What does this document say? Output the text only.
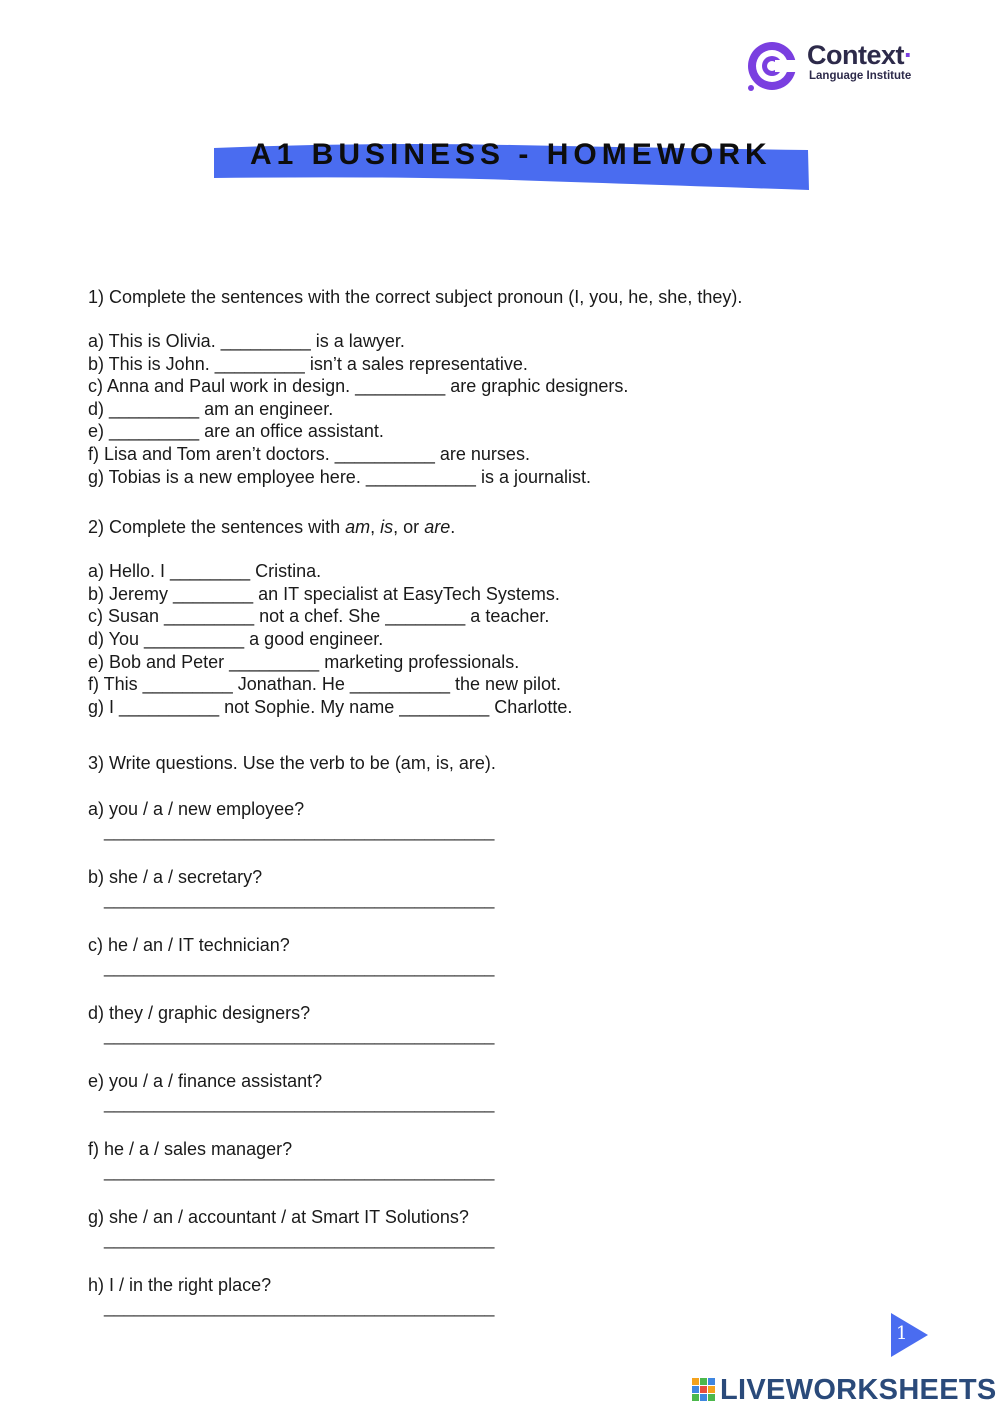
Context·
Language Institute
A1 BUSINESS - HOMEWORK
1) Complete the sentences with the correct subject pronoun (I, you, he, she, they).
a) This is Olivia. _________ is a lawyer.
b) This is John. _________ isn’t a sales representative.
c) Anna and Paul work in design. _________ are graphic designers.
d) _________ am an engineer.
e) _________ are an office assistant.
f) Lisa and Tom aren’t doctors. __________ are nurses.
g) Tobias is a new employee here. ___________ is a journalist.
2) Complete the sentences with am, is, or are.
a) Hello. I ________ Cristina.
b) Jeremy ________ an IT specialist at EasyTech Systems.
c) Susan _________ not a chef. She ________ a teacher.
d) You __________ a good engineer.
e) Bob and Peter _________ marketing professionals.
f) This _________ Jonathan. He __________ the new pilot.
g) I __________ not Sophie. My name _________ Charlotte.
3) Write questions. Use the verb to be (am, is, are).
a) you / a / new employee?
_______________________________________
b) she / a / secretary?
_______________________________________
c) he / an / IT technician?
_______________________________________
d) they / graphic designers?
_______________________________________
e) you / a / finance assistant?
_______________________________________
f) he / a / sales manager?
_______________________________________
g) she / an / accountant / at Smart IT Solutions?
_______________________________________
h) I / in the right place?
_______________________________________
1
LIVEWORKSHEETS
